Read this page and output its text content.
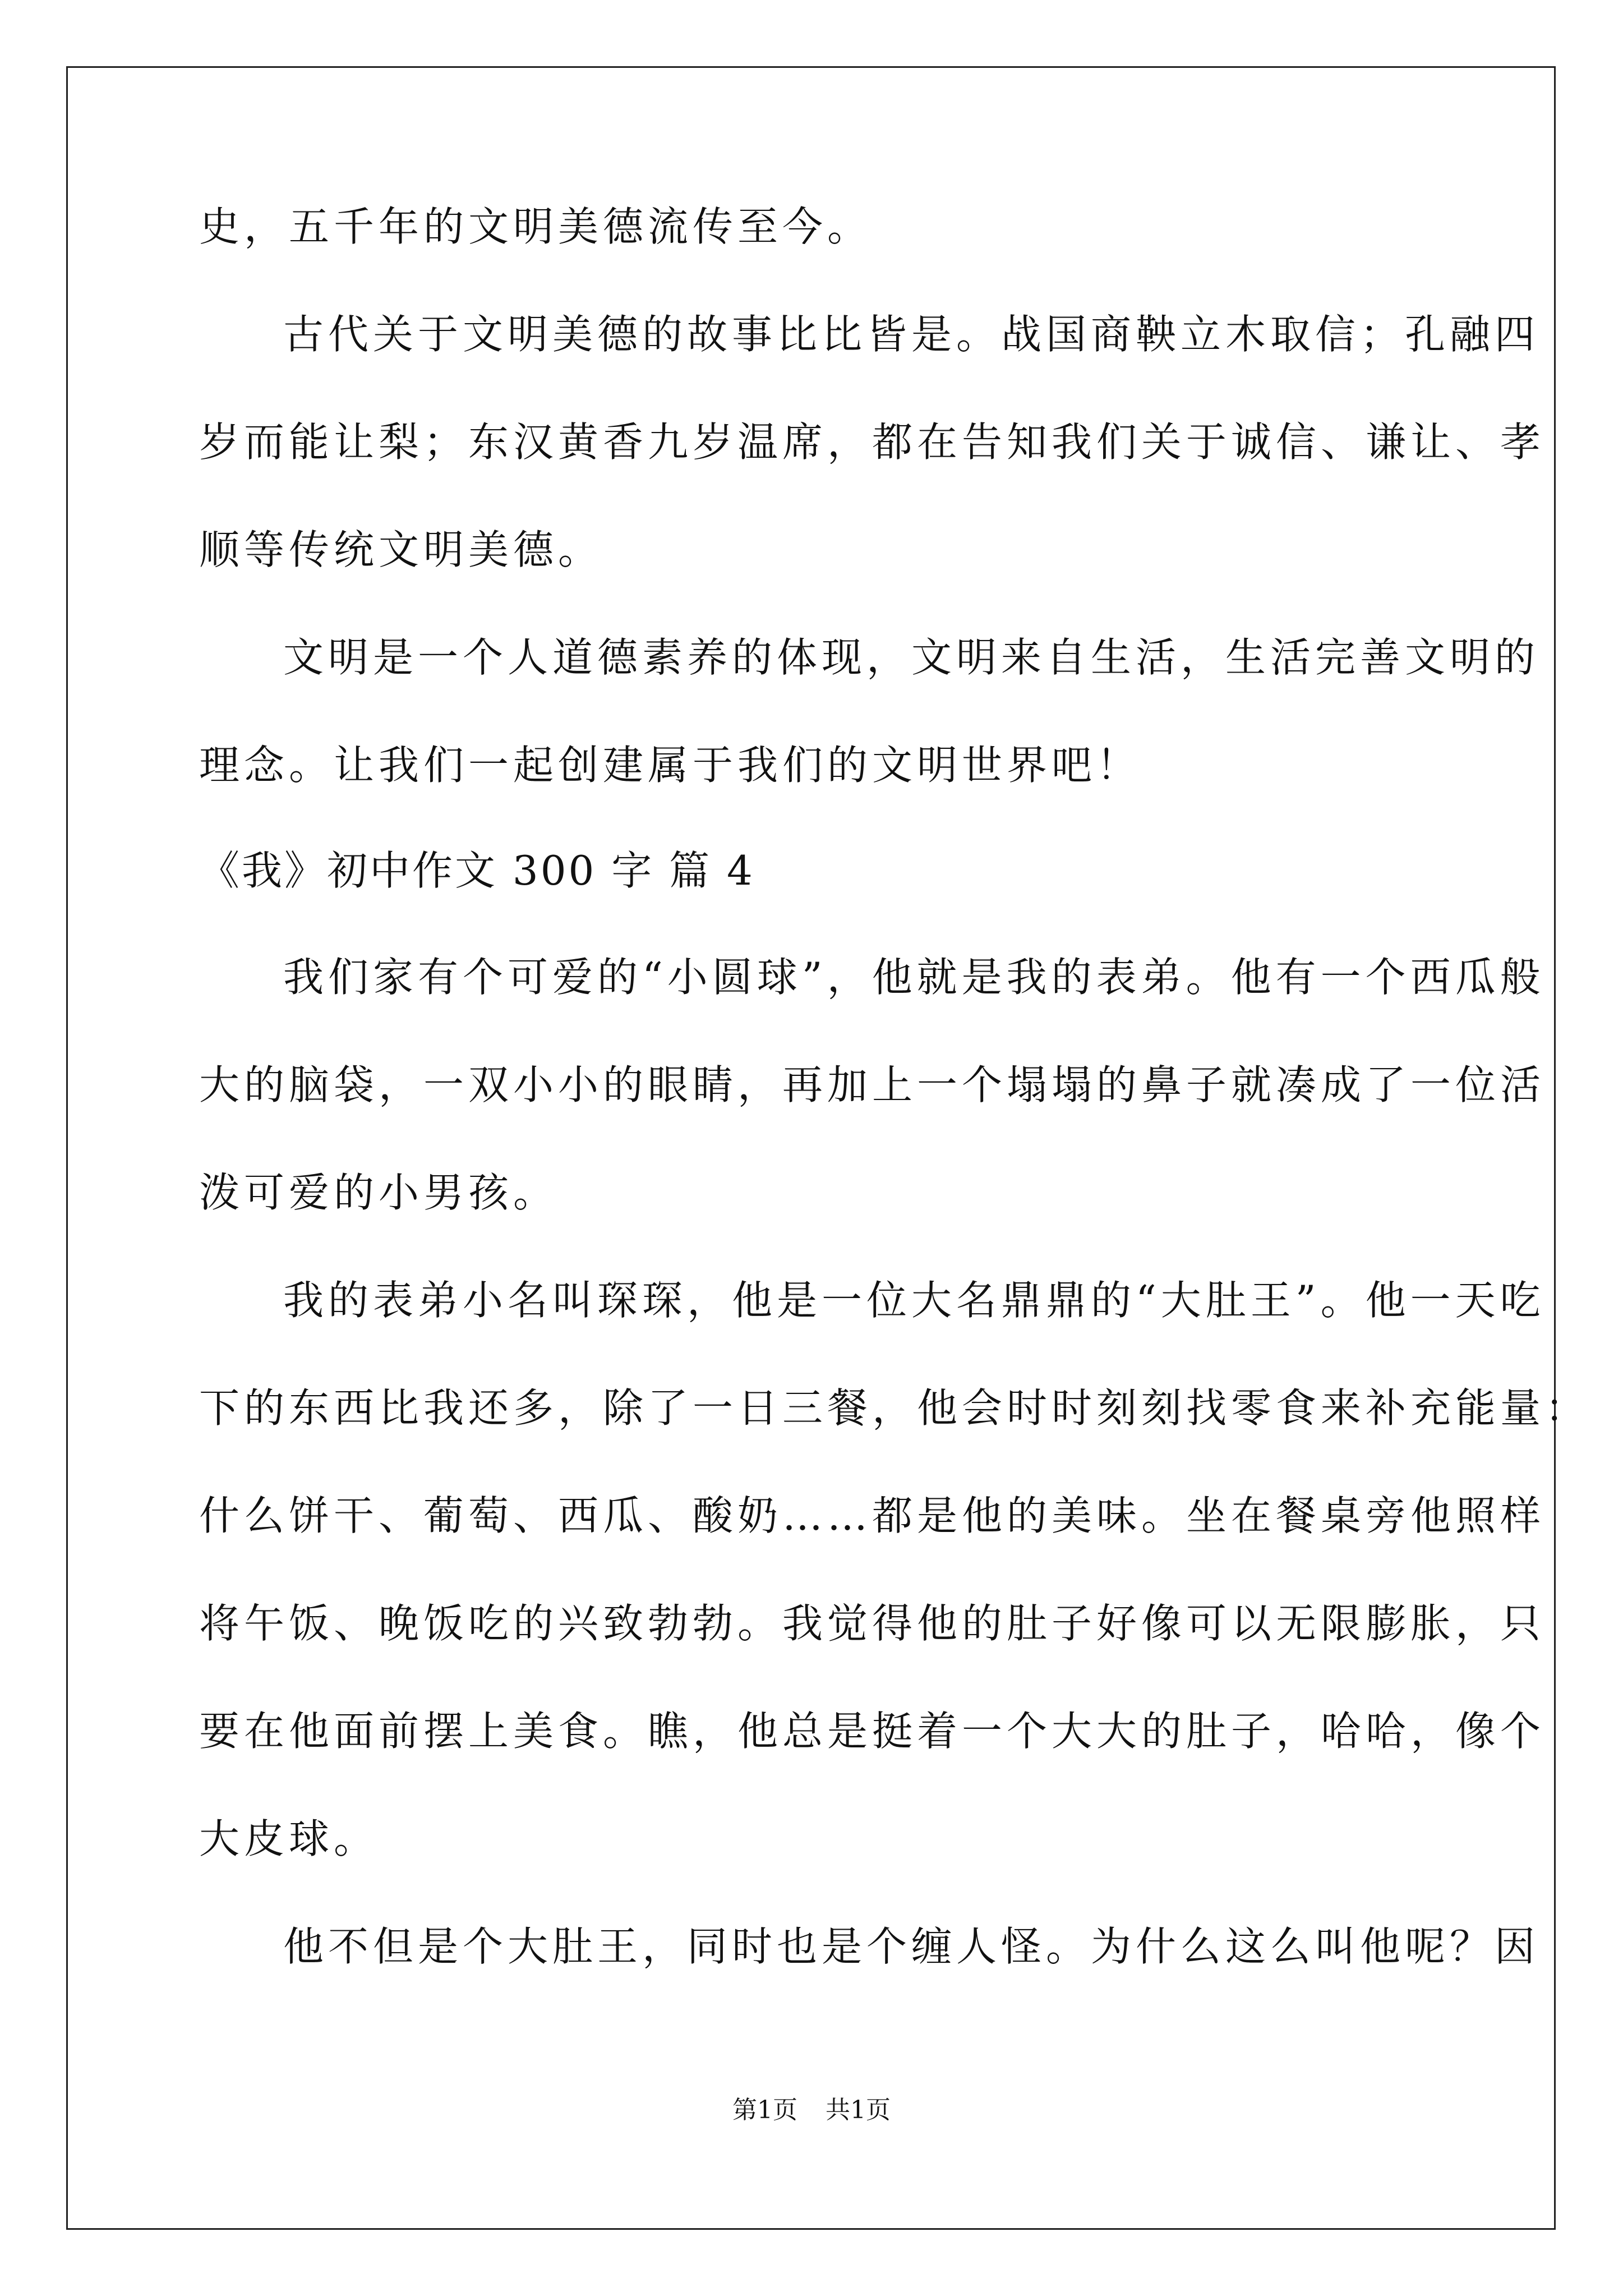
史，五千年的文明美德流传至今。
古代关于文明美德的故事比比皆是。战国商鞅立木取信；孔融四
岁而能让梨；东汉黄香九岁温席，都在告知我们关于诚信、谦让、孝
顺等传统文明美德。
文明是一个人道德素养的体现，文明来自生活，生活完善文明的
理念。让我们一起创建属于我们的文明世界吧！
《我》初中作文 300 字 篇 4
我们家有个可爱的“小圆球”，他就是我的表弟。他有一个西瓜般
大的脑袋，一双小小的眼睛，再加上一个塌塌的鼻子就凑成了一位活
泼可爱的小男孩。
我的表弟小名叫琛琛，他是一位大名鼎鼎的“大肚王”。他一天吃
下的东西比我还多，除了一日三餐，他会时时刻刻找零食来补充能量：
什么饼干、葡萄、西瓜、酸奶……都是他的美味。坐在餐桌旁他照样
将午饭、晚饭吃的兴致勃勃。我觉得他的肚子好像可以无限膨胀，只
要在他面前摆上美食。瞧，他总是挺着一个大大的肚子，哈哈，像个
大皮球。
他不但是个大肚王，同时也是个缠人怪。为什么这么叫他呢？因
第1页 共1页
